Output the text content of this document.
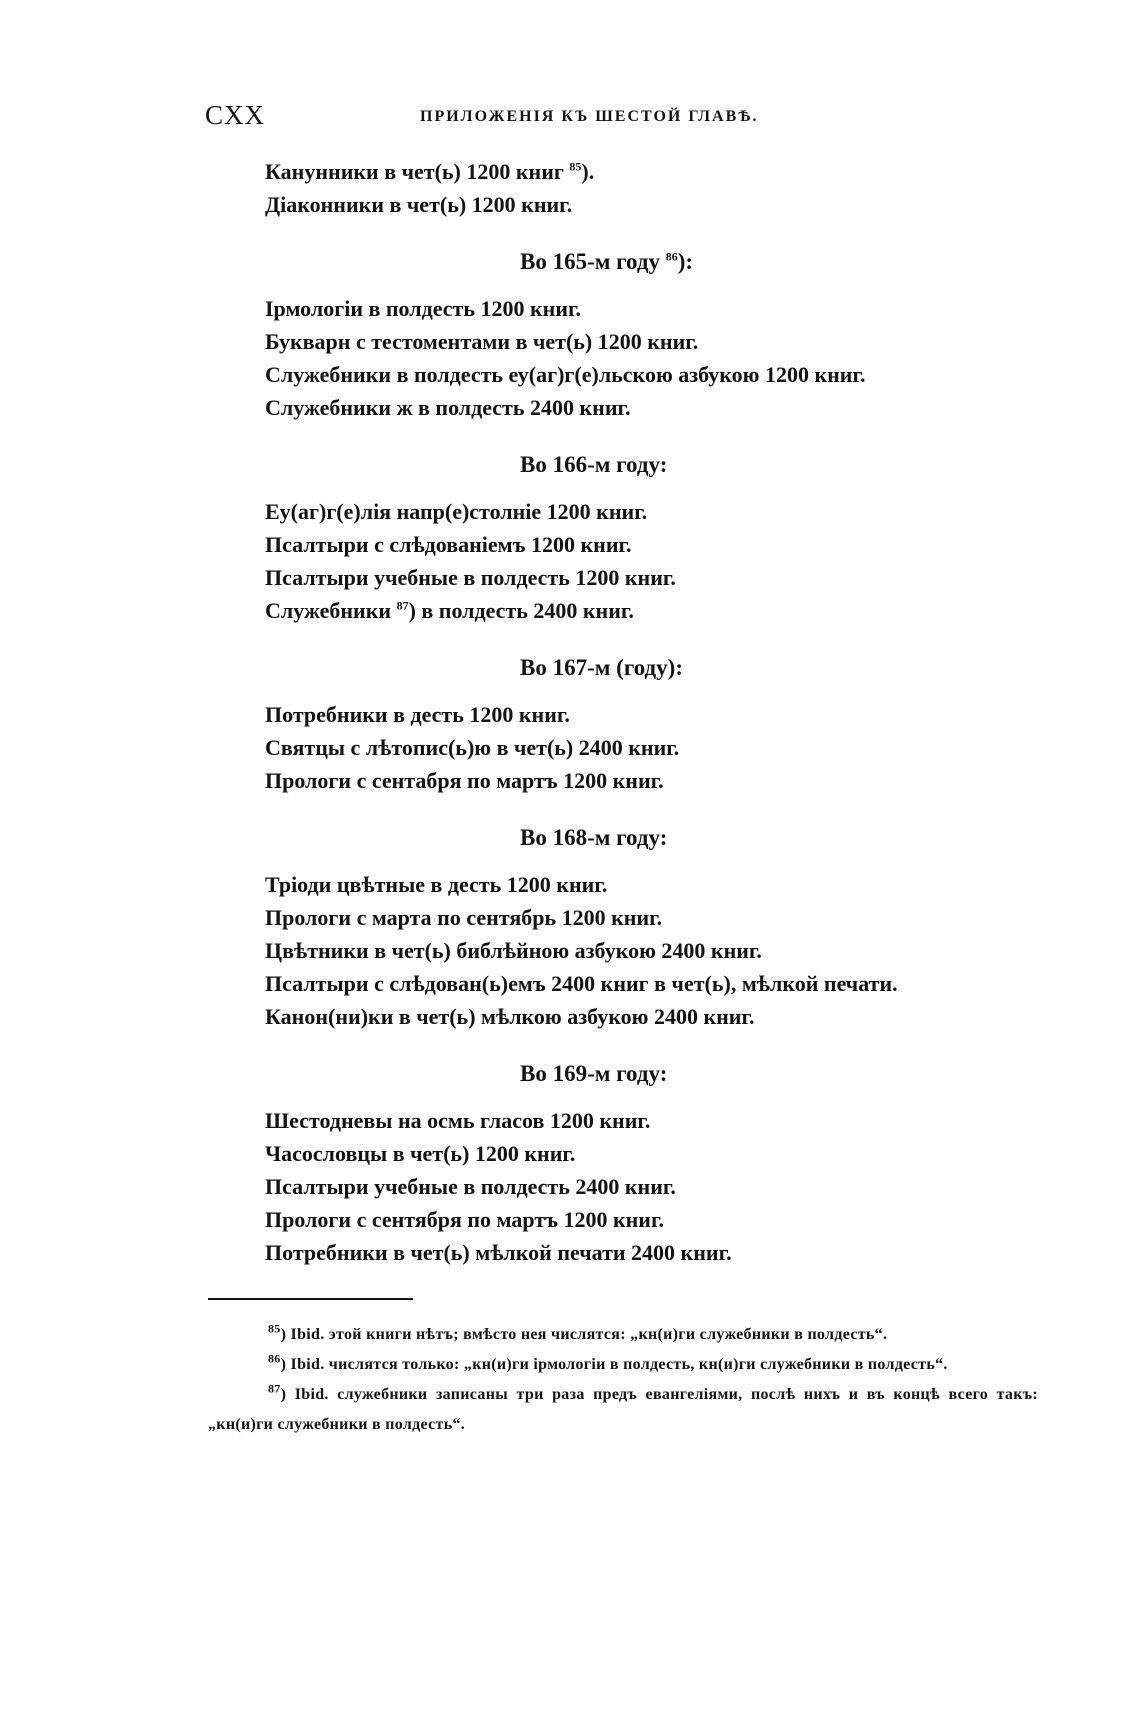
CXX	ПРИЛОЖЕНІЯ КЪ ШЕСТОЙ ГЛАВѢ.
Канунники в чет(ь) 1200 книг $^{85}$).
Діаконники в чет(ь) 1200 книг.
Во 165-м году $^{86}$):
Ірмологіи в полдесть 1200 книг.
Букварн с тестоментами в чет(ь) 1200 книг.
Служебники в полдесть еу(аг)г(е)льскою азбукою 1200 книг.
Служебники ж в полдесть 2400 книг.
Во 166-м году:
Еу(аг)г(е)лія напр(е)столніе 1200 книг.
Псалтыри с слѣдованіемъ 1200 книг.
Псалтыри учебные в полдесть 1200 книг.
Служебники $^{87}$) в полдесть 2400 книг.
Во 167-м (году):
Потребники в десть 1200 книг.
Святцы с лѣтопис(ь)ю в чет(ь) 2400 книг.
Прологи с сентабря по мартъ 1200 книг.
Во 168-м году:
Тріоди цвѣтные в десть 1200 книг.
Прологи с марта по сентябрь 1200 книг.
Цвѣтники в чет(ь) библѣйною азбукою 2400 книг.
Псалтыри с слѣдован(ь)емъ 2400 книг в чет(ь), мѣлкой печати.
Канон(ни)ки в чет(ь) мѣлкою азбукою 2400 книг.
Во 169-м году:
Шестодневы на осмь гласов 1200 книг.
Часословцы в чет(ь) 1200 книг.
Псалтыри учебные в полдесть 2400 книг.
Прологи с сентября по мартъ 1200 книг.
Потребники в чет(ь) мѣлкой печати 2400 книг.
$^{85}$) Ibid. этой книги нѣтъ; вмѣсто нея числятся: „кн(и)ги служебники в полдесть“.
$^{86}$) Ibid. числятся только: „кн(и)ги ірмологіи в полдесть, кн(и)ги служебники в полдесть“.
$^{87}$) Ibid. служебники записаны три раза предъ евангеліями, послѣ нихъ и въ концѣ всего такъ: „кн(и)ги служебники в полдесть“.
